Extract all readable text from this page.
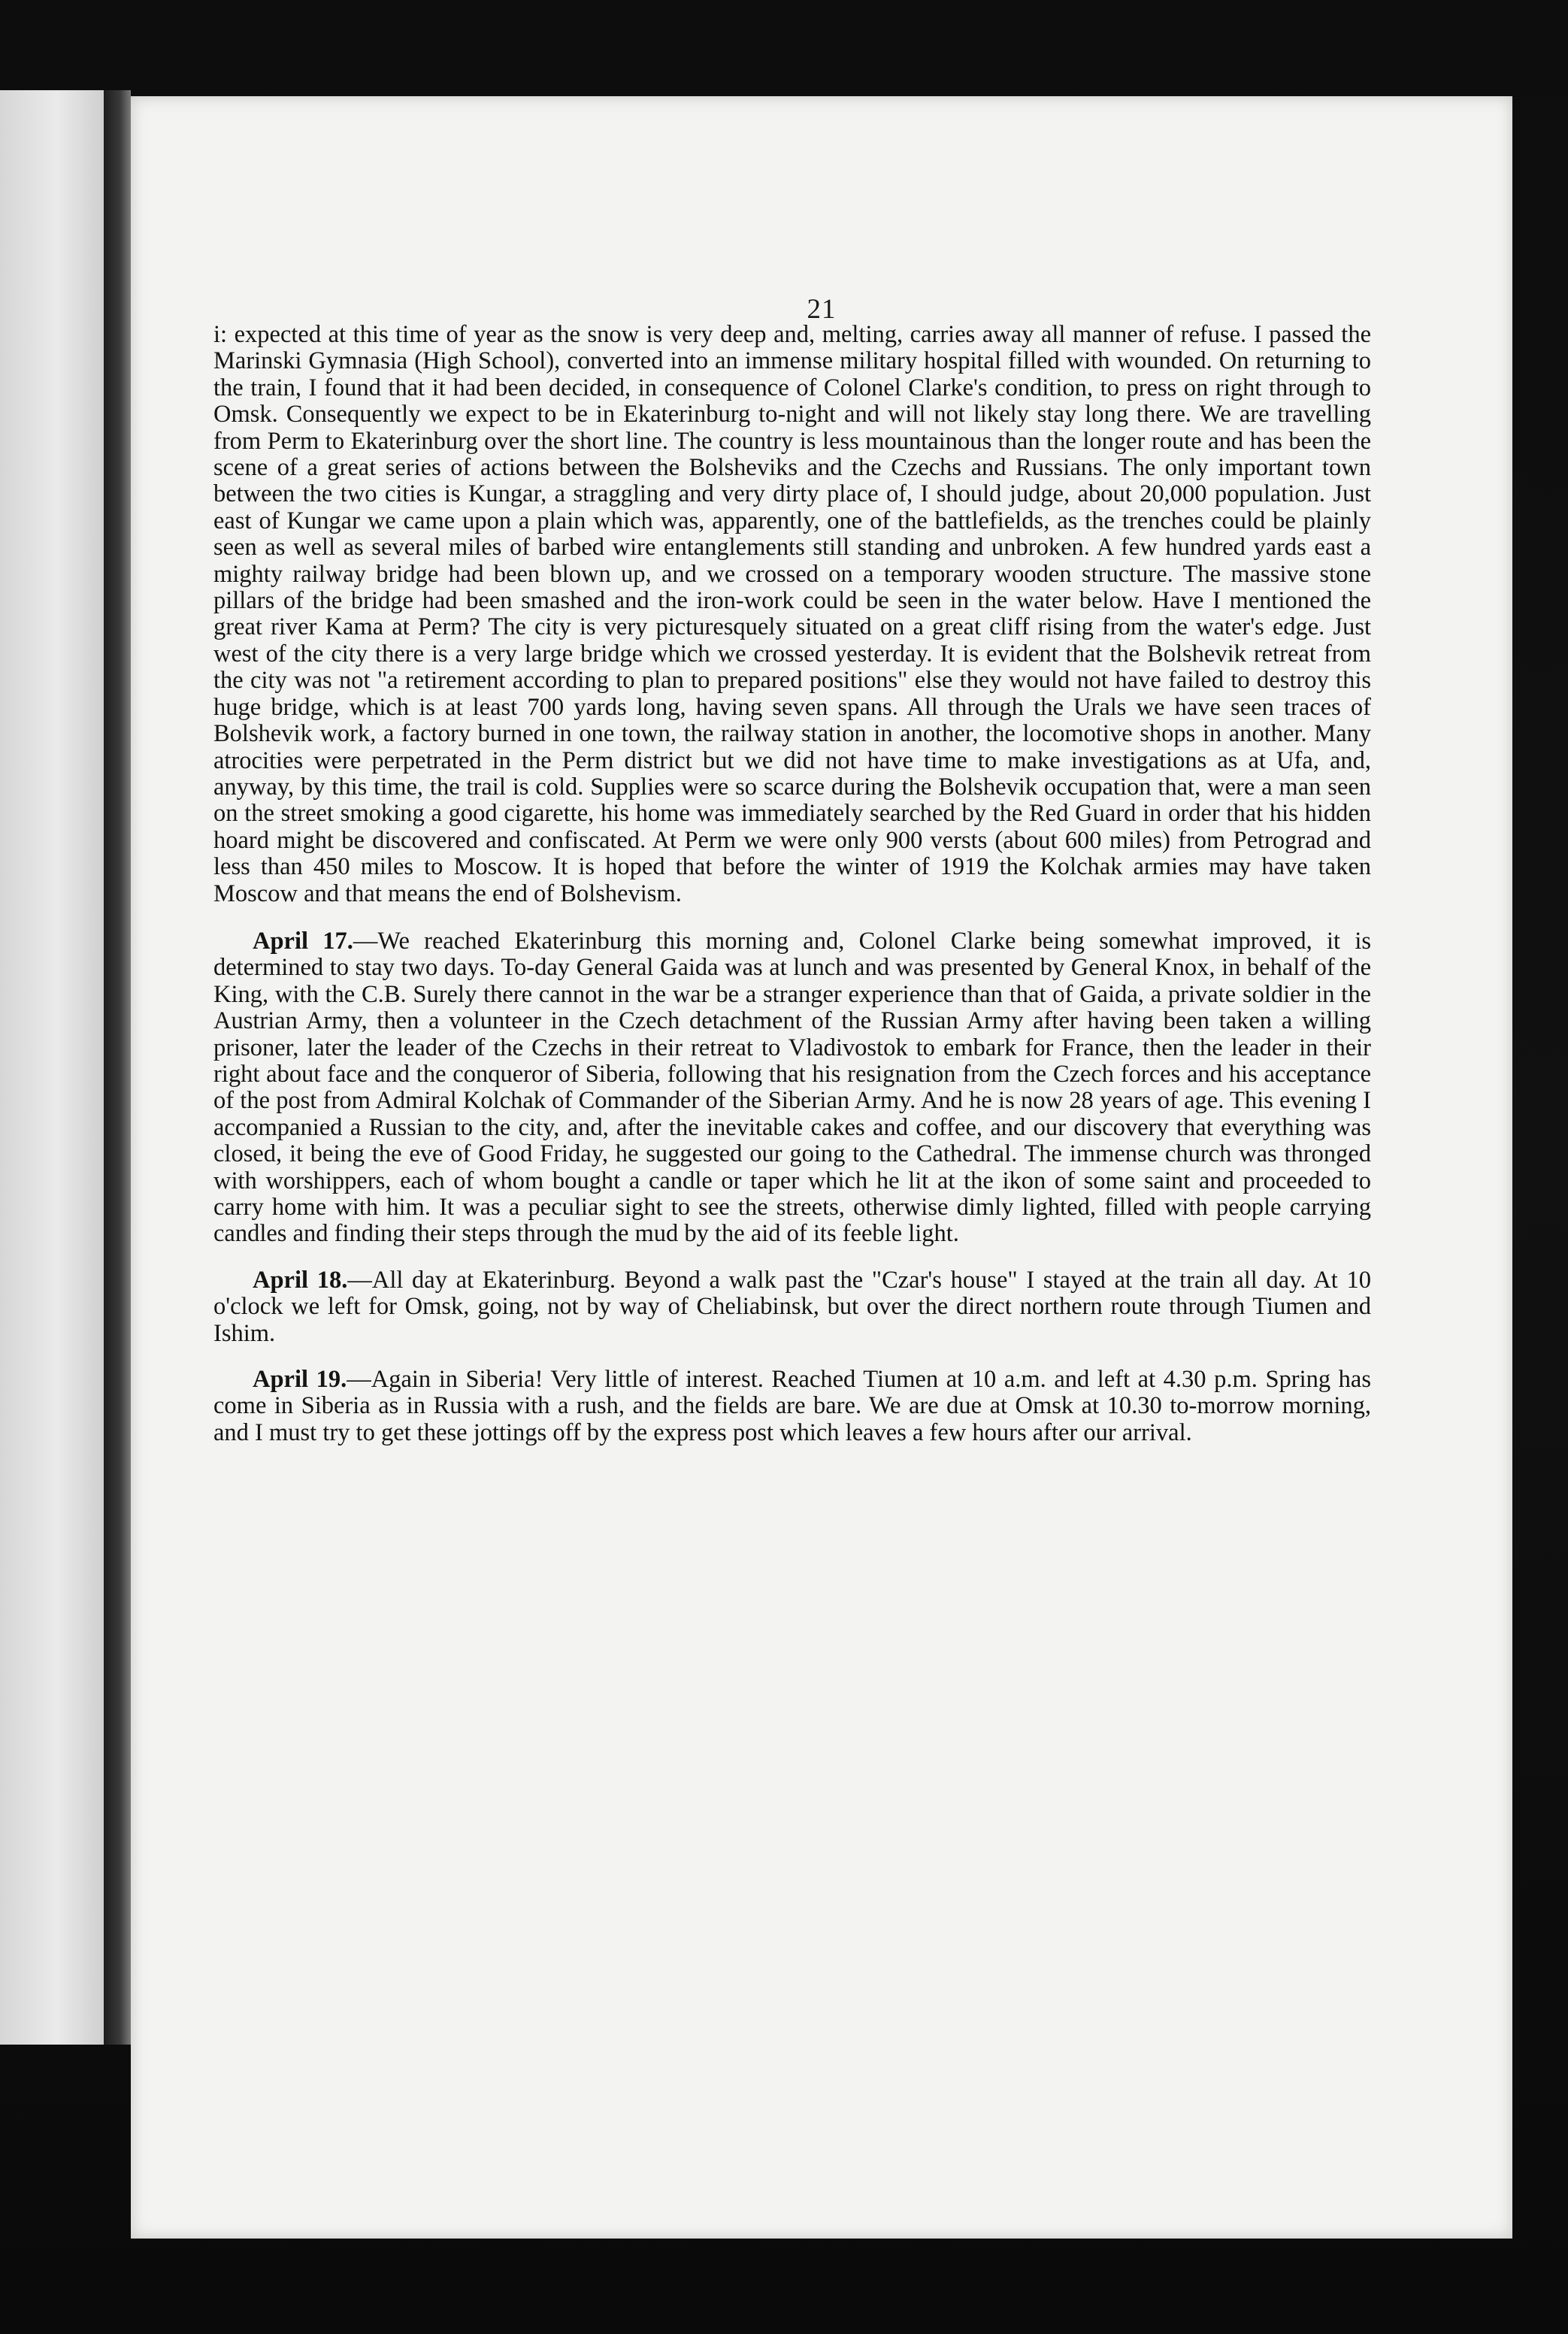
21

i: expected at this time of year as the snow is very deep and, melting, carries away all manner of refuse. I passed the Marinski Gymnasia (High School), converted into an immense military hospital filled with wounded. On returning to the train, I found that it had been decided, in consequence of Colonel Clarke's condition, to press on right through to Omsk. Consequently we expect to be in Ekaterinburg to-night and will not likely stay long there. We are travelling from Perm to Ekaterinburg over the short line. The country is less mountainous than the longer route and has been the scene of a great series of actions between the Bolsheviks and the Czechs and Russians. The only important town between the two cities is Kungar, a straggling and very dirty place of, I should judge, about 20,000 population. Just east of Kungar we came upon a plain which was, apparently, one of the battlefields, as the trenches could be plainly seen as well as several miles of barbed wire entanglements still standing and unbroken. A few hundred yards east a mighty railway bridge had been blown up, and we crossed on a temporary wooden structure. The massive stone pillars of the bridge had been smashed and the iron-work could be seen in the water below. Have I mentioned the great river Kama at Perm? The city is very picturesquely situated on a great cliff rising from the water's edge. Just west of the city there is a very large bridge which we crossed yesterday. It is evident that the Bolshevik retreat from the city was not "a retirement according to plan to prepared positions" else they would not have failed to destroy this huge bridge, which is at least 700 yards long, having seven spans. All through the Urals we have seen traces of Bolshevik work, a factory burned in one town, the railway station in another, the locomotive shops in another. Many atrocities were perpetrated in the Perm district but we did not have time to make investigations as at Ufa, and, anyway, by this time, the trail is cold. Supplies were so scarce during the Bolshevik occupation that, were a man seen on the street smoking a good cigarette, his home was immediately searched by the Red Guard in order that his hidden hoard might be discovered and confiscated. At Perm we were only 900 versts (about 600 miles) from Petrograd and less than 450 miles to Moscow. It is hoped that before the winter of 1919 the Kolchak armies may have taken Moscow and that means the end of Bolshevism.

April 17.—We reached Ekaterinburg this morning and, Colonel Clarke being somewhat improved, it is determined to stay two days. To-day General Gaida was at lunch and was presented by General Knox, in behalf of the King, with the C.B. Surely there cannot in the war be a stranger experience than that of Gaida, a private soldier in the Austrian Army, then a volunteer in the Czech detachment of the Russian Army after having been taken a willing prisoner, later the leader of the Czechs in their retreat to Vladivostok to embark for France, then the leader in their right about face and the conqueror of Siberia, following that his resignation from the Czech forces and his acceptance of the post from Admiral Kolchak of Commander of the Siberian Army. And he is now 28 years of age. This evening I accompanied a Russian to the city, and, after the inevitable cakes and coffee, and our discovery that everything was closed, it being the eve of Good Friday, he suggested our going to the Cathedral. The immense church was thronged with worshippers, each of whom bought a candle or taper which he lit at the ikon of some saint and proceeded to carry home with him. It was a peculiar sight to see the streets, otherwise dimly lighted, filled with people carrying candles and finding their steps through the mud by the aid of its feeble light.

April 18.—All day at Ekaterinburg. Beyond a walk past the "Czar's house" I stayed at the train all day. At 10 o'clock we left for Omsk, going, not by way of Cheliabinsk, but over the direct northern route through Tiumen and Ishim.

April 19.—Again in Siberia! Very little of interest. Reached Tiumen at 10 a.m. and left at 4.30 p.m. Spring has come in Siberia as in Russia with a rush, and the fields are bare. We are due at Omsk at 10.30 to-morrow morning, and I must try to get these jottings off by the express post which leaves a few hours after our arrival.
